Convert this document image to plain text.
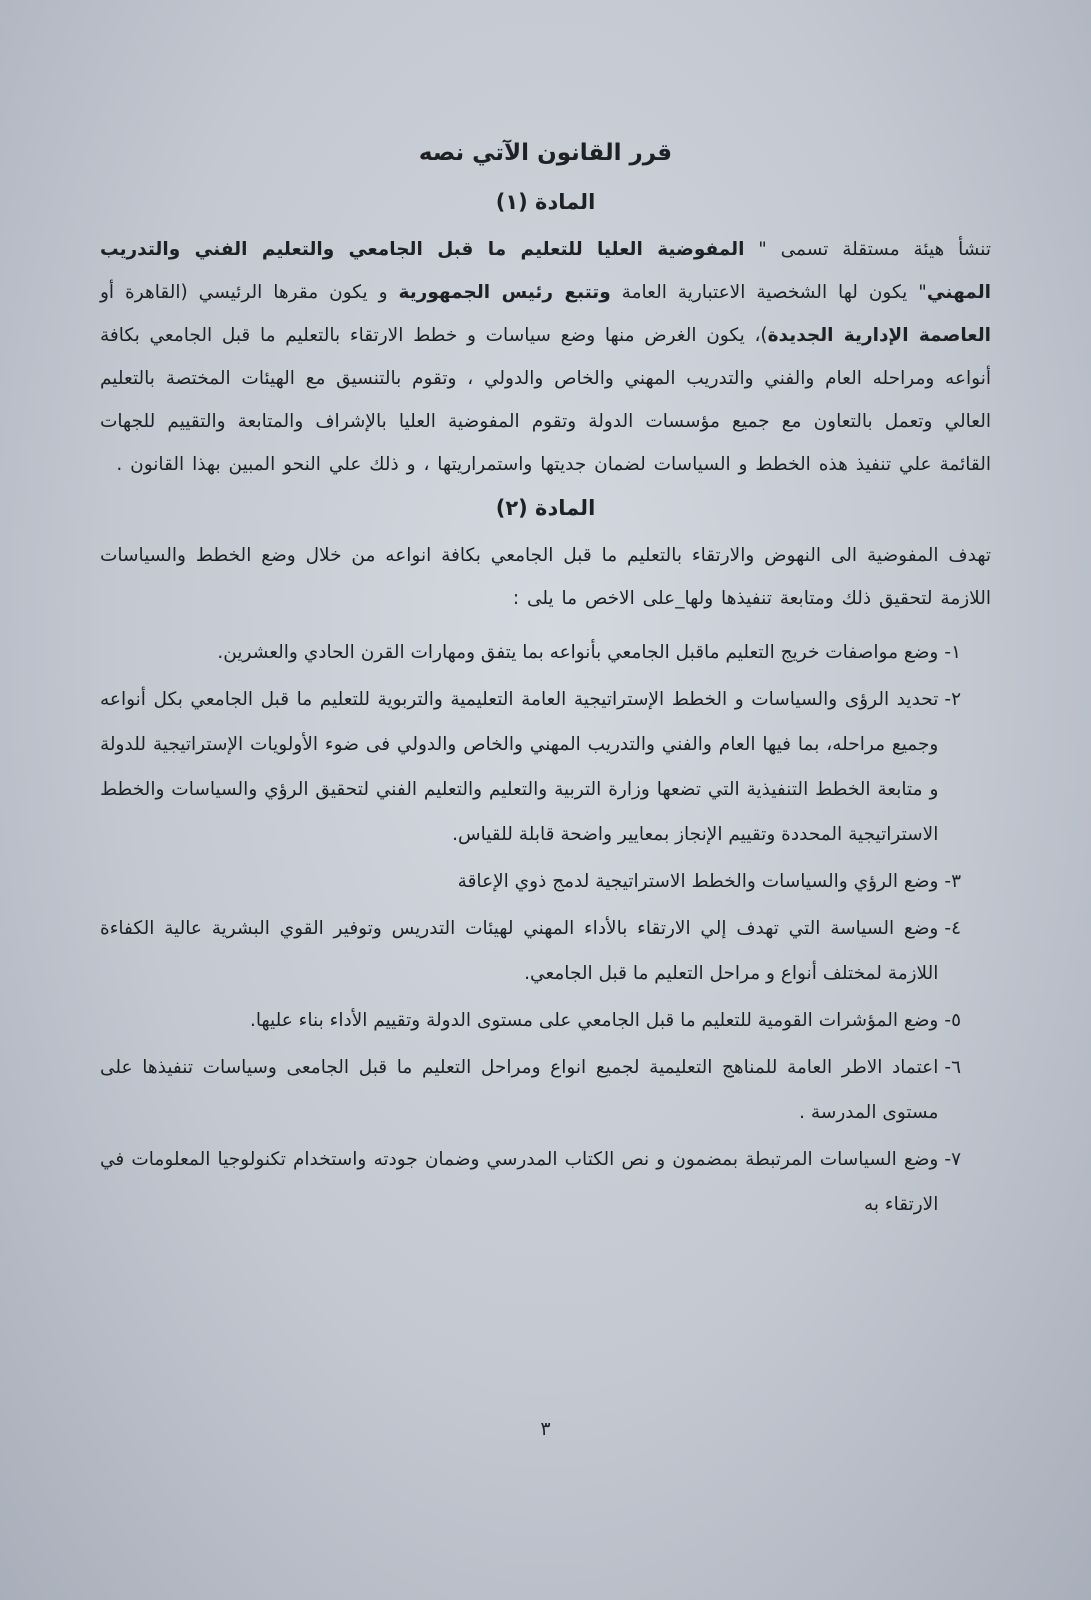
قرر القانون الآتي نصه
المادة (١)

تنشأ هيئة مستقلة تسمى " المفوضية العليا للتعليم ما قبل الجامعي والتعليم الفني والتدريب المهني" يكون لها الشخصية الاعتبارية العامة وتتبع رئيس الجمهورية و يكون مقرها الرئيسي (القاهرة أو العاصمة الإدارية الجديدة)، يكون الغرض منها وضع سياسات و خطط الارتقاء بالتعليم ما قبل الجامعي بكافة أنواعه ومراحله العام والفني والتدريب المهني والخاص والدولي ، وتقوم بالتنسيق مع الهيئات المختصة بالتعليم العالي وتعمل بالتعاون مع جميع مؤسسات الدولة وتقوم المفوضية العليا بالإشراف والمتابعة والتقييم للجهات القائمة علي تنفيذ هذه الخطط و السياسات لضمان جديتها واستمراريتها ، و ذلك علي النحو المبين بهذا القانون .

المادة (٢)

تهدف المفوضية الى النهوض والارتقاء بالتعليم ما قبل الجامعي بكافة انواعه من خلال وضع الخطط والسياسات اللازمة لتحقيق ذلك ومتابعة تنفيذها ولها_على الاخص ما يلى :

١-
وضع مواصفات خريج التعليم ماقبل الجامعي بأنواعه بما يتفق ومهارات القرن الحادي والعشرين.
٢-
تحديد الرؤى والسياسات و الخطط الإستراتيجية العامة التعليمية والتربوية للتعليم ما قبل الجامعي بكل أنواعه وجميع مراحله، بما فيها العام والفني والتدريب المهني والخاص والدولي فى ضوء الأولويات الإستراتيجية للدولة و متابعة الخطط التنفيذية التي تضعها وزارة التربية والتعليم والتعليم الفني لتحقيق الرؤي والسياسات والخطط الاستراتيجية المحددة وتقييم الإنجاز بمعايير واضحة قابلة للقياس.
٣-
وضع الرؤي والسياسات والخطط الاستراتيجية لدمج ذوي الإعاقة
٤-
وضع السياسة التي تهدف إلي الارتقاء بالأداء المهني لهيئات التدريس وتوفير القوي البشرية عالية الكفاءة اللازمة لمختلف أنواع و مراحل التعليم ما قبل الجامعي.
٥-
وضع المؤشرات القومية للتعليم ما قبل الجامعي على مستوى الدولة وتقييم الأداء بناء عليها.
٦-
اعتماد الاطر العامة للمناهج التعليمية لجميع انواع ومراحل التعليم ما قبل الجامعى وسياسات تنفيذها على مستوى المدرسة .
٧-
وضع السياسات المرتبطة بمضمون و نص الكتاب المدرسي وضمان جودته واستخدام تكنولوجيا المعلومات في الارتقاء به
٣
